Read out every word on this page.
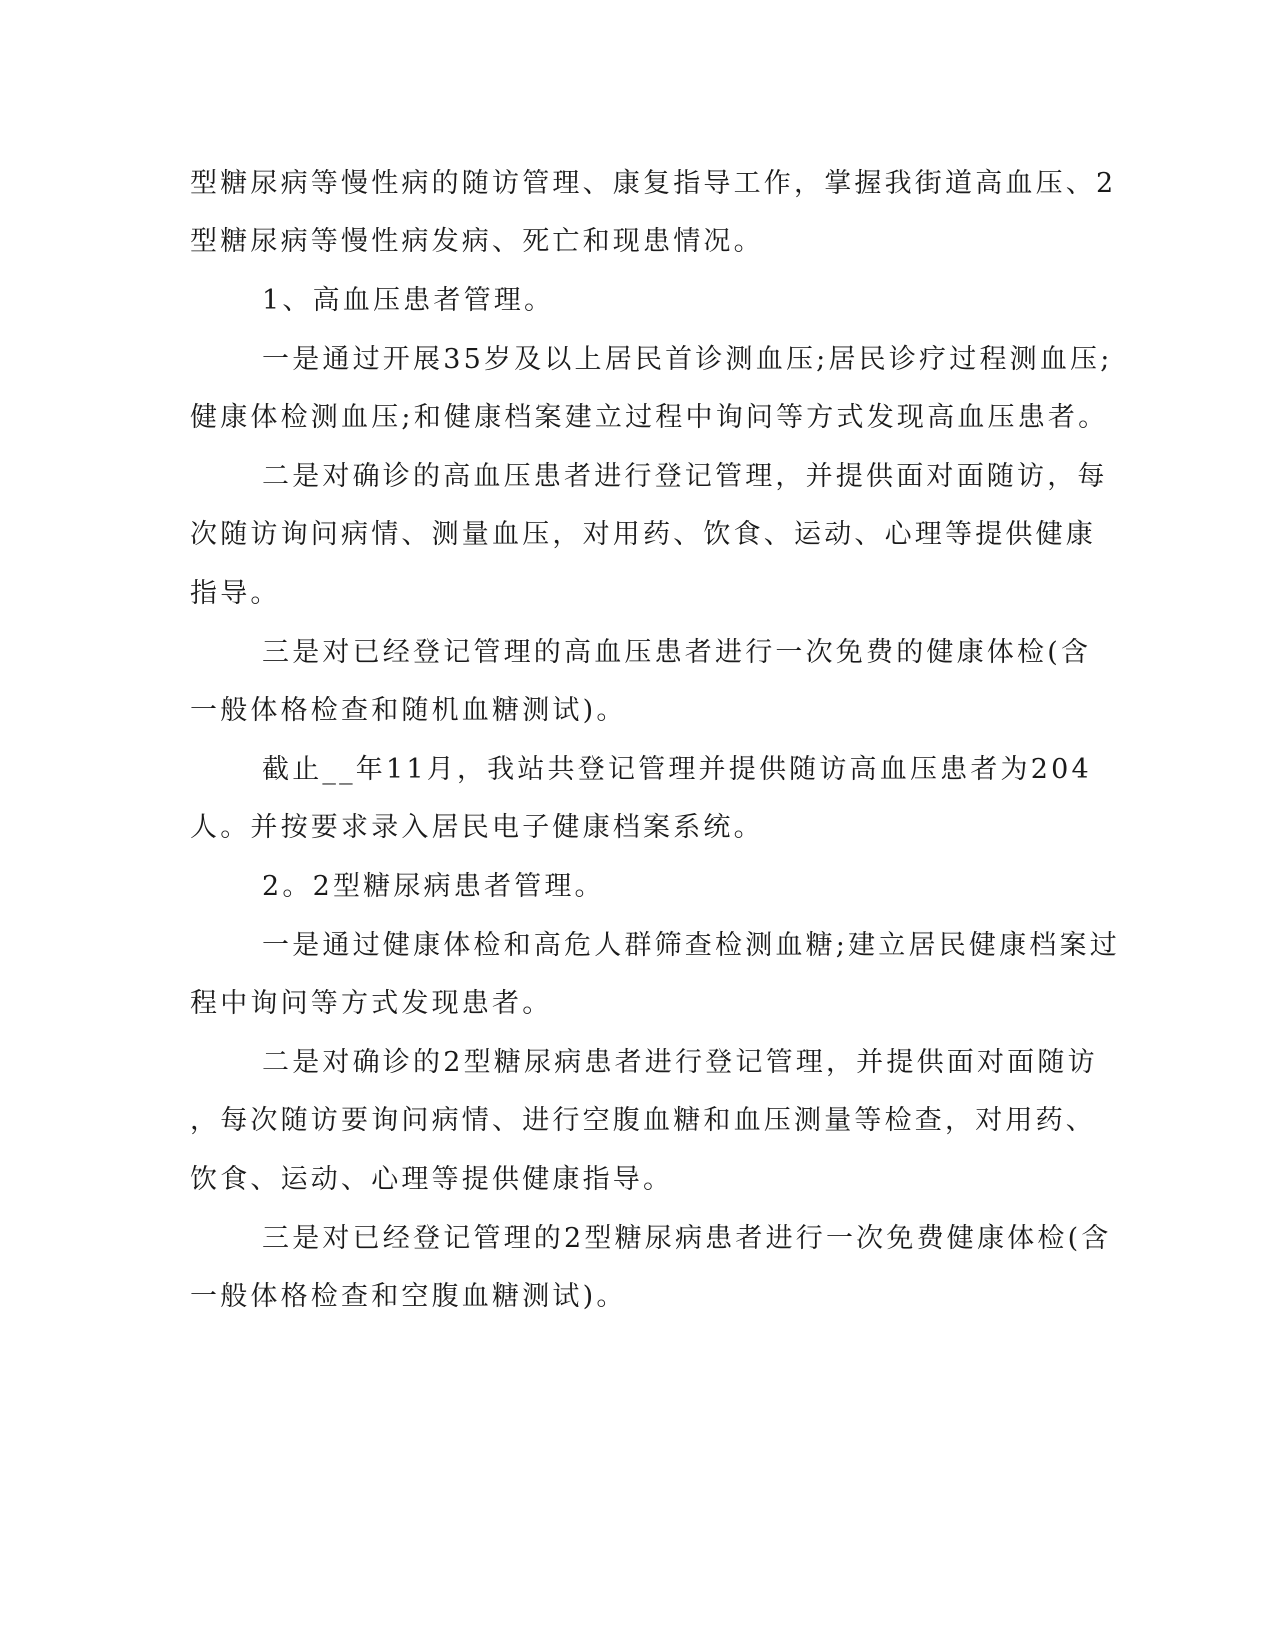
型糖尿病等慢性病的随访管理、康复指导工作，掌握我街道高血压、2
型糖尿病等慢性病发病、死亡和现患情况。
1、高血压患者管理。
一是通过开展35岁及以上居民首诊测血压;居民诊疗过程测血压;
健康体检测血压;和健康档案建立过程中询问等方式发现高血压患者。
二是对确诊的高血压患者进行登记管理，并提供面对面随访，每
次随访询问病情、测量血压，对用药、饮食、运动、心理等提供健康
指导。
三是对已经登记管理的高血压患者进行一次免费的健康体检(含
一般体格检查和随机血糖测试)。
截止__年11月，我站共登记管理并提供随访高血压患者为204
人。并按要求录入居民电子健康档案系统。
2。2型糖尿病患者管理。
一是通过健康体检和高危人群筛查检测血糖;建立居民健康档案过
程中询问等方式发现患者。
二是对确诊的2型糖尿病患者进行登记管理，并提供面对面随访
，每次随访要询问病情、进行空腹血糖和血压测量等检查，对用药、
饮食、运动、心理等提供健康指导。
三是对已经登记管理的2型糖尿病患者进行一次免费健康体检(含
一般体格检查和空腹血糖测试)。
